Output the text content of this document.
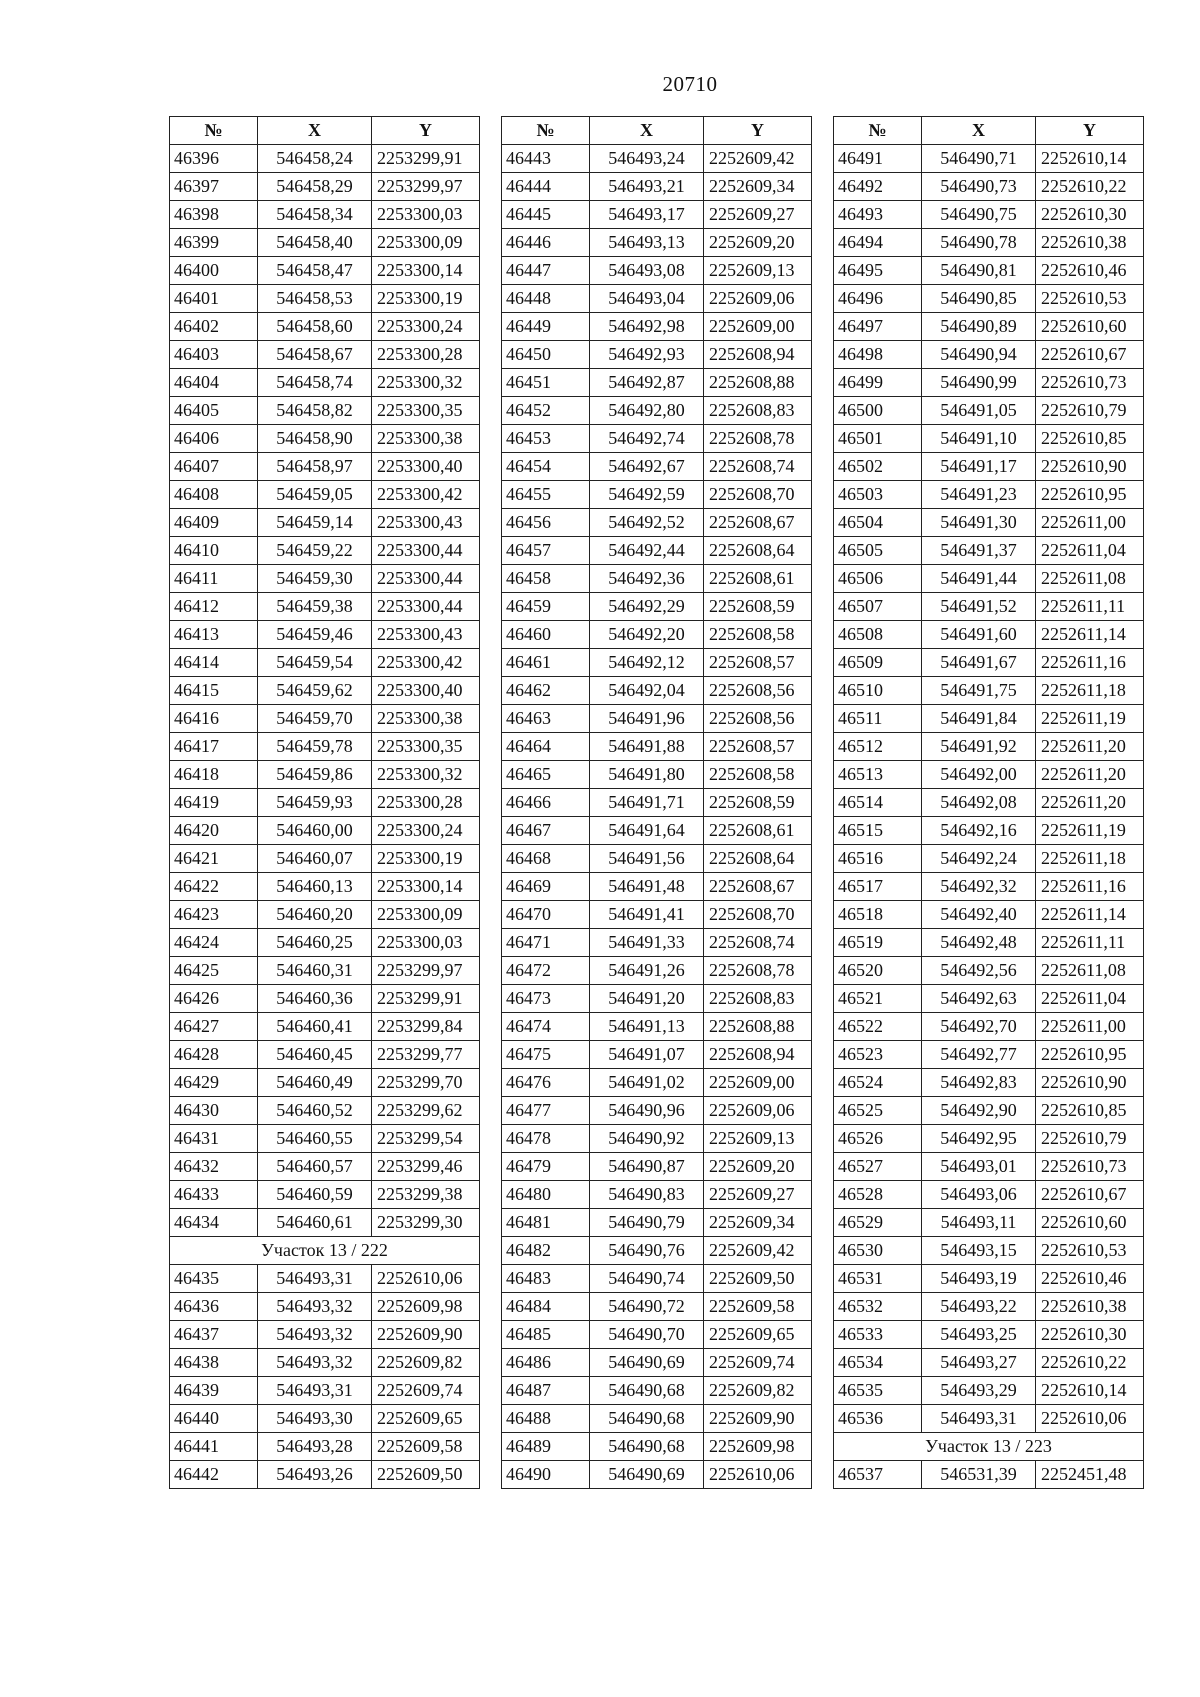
20710
№	X	Y
46396	546458,24	2253299,91
46397	546458,29	2253299,97
46398	546458,34	2253300,03
46399	546458,40	2253300,09
46400	546458,47	2253300,14
46401	546458,53	2253300,19
46402	546458,60	2253300,24
46403	546458,67	2253300,28
46404	546458,74	2253300,32
46405	546458,82	2253300,35
46406	546458,90	2253300,38
46407	546458,97	2253300,40
46408	546459,05	2253300,42
46409	546459,14	2253300,43
46410	546459,22	2253300,44
46411	546459,30	2253300,44
46412	546459,38	2253300,44
46413	546459,46	2253300,43
46414	546459,54	2253300,42
46415	546459,62	2253300,40
46416	546459,70	2253300,38
46417	546459,78	2253300,35
46418	546459,86	2253300,32
46419	546459,93	2253300,28
46420	546460,00	2253300,24
46421	546460,07	2253300,19
46422	546460,13	2253300,14
46423	546460,20	2253300,09
46424	546460,25	2253300,03
46425	546460,31	2253299,97
46426	546460,36	2253299,91
46427	546460,41	2253299,84
46428	546460,45	2253299,77
46429	546460,49	2253299,70
46430	546460,52	2253299,62
46431	546460,55	2253299,54
46432	546460,57	2253299,46
46433	546460,59	2253299,38
46434	546460,61	2253299,30
Участок 13 / 222		
46435	546493,31	2252610,06
46436	546493,32	2252609,98
46437	546493,32	2252609,90
46438	546493,32	2252609,82
46439	546493,31	2252609,74
46440	546493,30	2252609,65
46441	546493,28	2252609,58
46442	546493,26	2252609,50
№	X	Y
46443	546493,24	2252609,42
46444	546493,21	2252609,34
46445	546493,17	2252609,27
46446	546493,13	2252609,20
46447	546493,08	2252609,13
46448	546493,04	2252609,06
46449	546492,98	2252609,00
46450	546492,93	2252608,94
46451	546492,87	2252608,88
46452	546492,80	2252608,83
46453	546492,74	2252608,78
46454	546492,67	2252608,74
46455	546492,59	2252608,70
46456	546492,52	2252608,67
46457	546492,44	2252608,64
46458	546492,36	2252608,61
46459	546492,29	2252608,59
46460	546492,20	2252608,58
46461	546492,12	2252608,57
46462	546492,04	2252608,56
46463	546491,96	2252608,56
46464	546491,88	2252608,57
46465	546491,80	2252608,58
46466	546491,71	2252608,59
46467	546491,64	2252608,61
46468	546491,56	2252608,64
46469	546491,48	2252608,67
46470	546491,41	2252608,70
46471	546491,33	2252608,74
46472	546491,26	2252608,78
46473	546491,20	2252608,83
46474	546491,13	2252608,88
46475	546491,07	2252608,94
46476	546491,02	2252609,00
46477	546490,96	2252609,06
46478	546490,92	2252609,13
46479	546490,87	2252609,20
46480	546490,83	2252609,27
46481	546490,79	2252609,34
46482	546490,76	2252609,42
46483	546490,74	2252609,50
46484	546490,72	2252609,58
46485	546490,70	2252609,65
46486	546490,69	2252609,74
46487	546490,68	2252609,82
46488	546490,68	2252609,90
46489	546490,68	2252609,98
46490	546490,69	2252610,06
№	X	Y
46491	546490,71	2252610,14
46492	546490,73	2252610,22
46493	546490,75	2252610,30
46494	546490,78	2252610,38
46495	546490,81	2252610,46
46496	546490,85	2252610,53
46497	546490,89	2252610,60
46498	546490,94	2252610,67
46499	546490,99	2252610,73
46500	546491,05	2252610,79
46501	546491,10	2252610,85
46502	546491,17	2252610,90
46503	546491,23	2252610,95
46504	546491,30	2252611,00
46505	546491,37	2252611,04
46506	546491,44	2252611,08
46507	546491,52	2252611,11
46508	546491,60	2252611,14
46509	546491,67	2252611,16
46510	546491,75	2252611,18
46511	546491,84	2252611,19
46512	546491,92	2252611,20
46513	546492,00	2252611,20
46514	546492,08	2252611,20
46515	546492,16	2252611,19
46516	546492,24	2252611,18
46517	546492,32	2252611,16
46518	546492,40	2252611,14
46519	546492,48	2252611,11
46520	546492,56	2252611,08
46521	546492,63	2252611,04
46522	546492,70	2252611,00
46523	546492,77	2252610,95
46524	546492,83	2252610,90
46525	546492,90	2252610,85
46526	546492,95	2252610,79
46527	546493,01	2252610,73
46528	546493,06	2252610,67
46529	546493,11	2252610,60
46530	546493,15	2252610,53
46531	546493,19	2252610,46
46532	546493,22	2252610,38
46533	546493,25	2252610,30
46534	546493,27	2252610,22
46535	546493,29	2252610,14
46536	546493,31	2252610,06
Участок 13 / 223		
46537	546531,39	2252451,48
